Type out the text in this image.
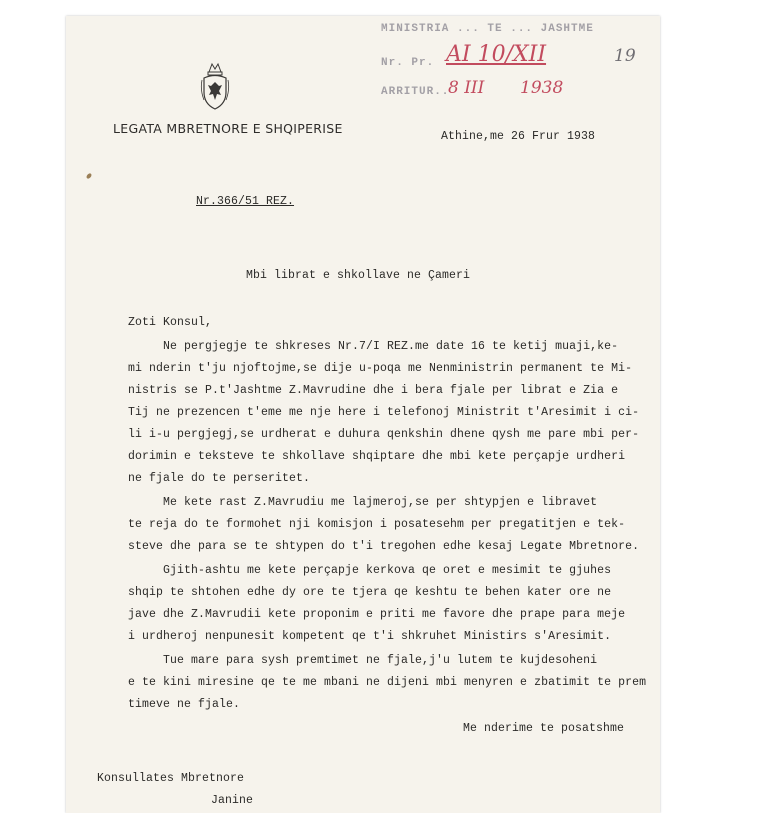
MINISTRIA ... TE ... JASHTME
Nr. Pr.
ARRITUR..
AI 10/XII
8 III 1938
19
LEGATA MBRETNORE E SHQIPERISE
Athine,me 26 Frur 1938
Nr.366/51 REZ.
Mbi librat e shkollave ne Çameri
Zoti Konsul,
Ne pergjegje te shkreses Nr.7/I REZ.me date 16 te ketij muaji,ke-
mi nderin t'ju njoftojme,se dije u-poqa me Nenministrin permanent te Mi-
nistris se P.t'Jashtme Z.Mavrudine dhe i bera fjale per librat e Zia e
Tij ne prezencen t'eme me nje here i telefonoj Ministrit t'Aresimit i ci-
li i-u pergjegj,se urdherat e duhura qenkshin dhene qysh me pare mbi per-
dorimin e teksteve te shkollave shqiptare dhe mbi kete perçapje urdheri
ne fjale do te perseritet.
Me kete rast Z.Mavrudiu me lajmeroj,se per shtypjen e libravet
te reja do te formohet nji komisjon i posatesehm per pregatitjen e tek-
steve dhe para se te shtypen do t'i tregohen edhe kesaj Legate Mbretnore.
Gjith-ashtu me kete perçapje kerkova qe oret e mesimit te gjuhes
shqip te shtohen edhe dy ore te tjera qe keshtu te behen kater ore ne
jave dhe Z.Mavrudii kete proponim e priti me favore dhe prape para meje
i urdheroj nenpunesit kompetent qe t'i shkruhet Ministirs s'Aresimit.
Tue mare para sysh premtimet ne fjale,j'u lutem te kujdesoheni
e te kini miresine qe te me mbani ne dijeni mbi menyren e zbatimit te prem
timeve ne fjale.
Me nderime te posatshme
Konsullates Mbretnore
Janine
